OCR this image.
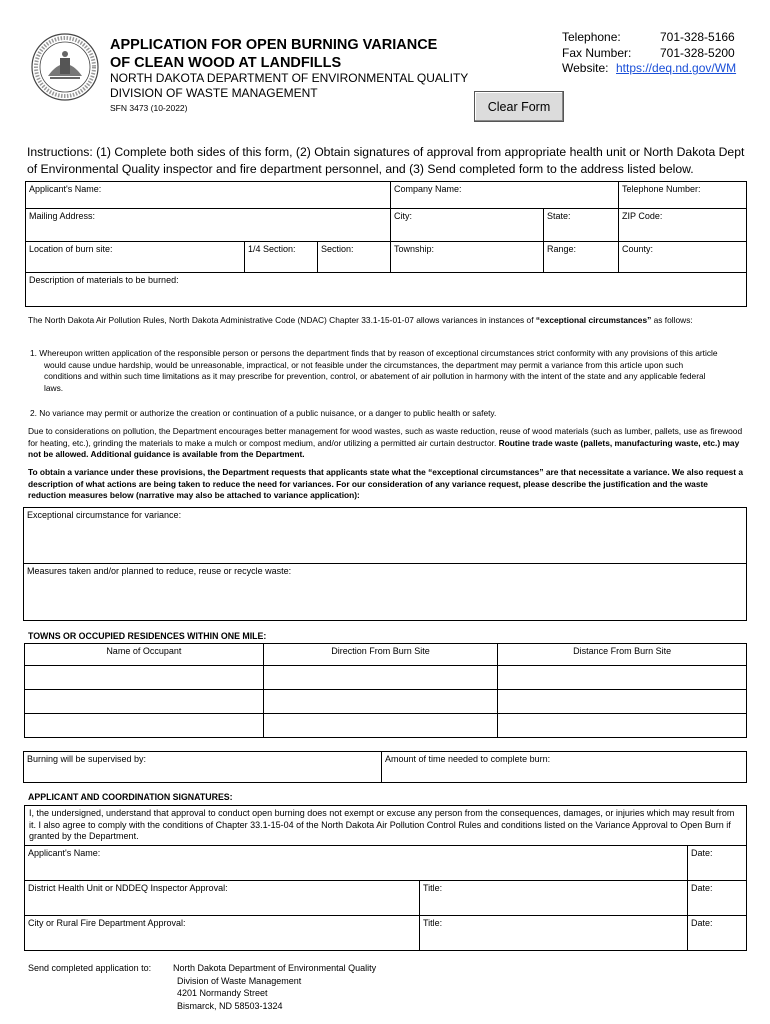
APPLICATION FOR OPEN BURNING VARIANCE
OF CLEAN WOOD AT LANDFILLS
NORTH DAKOTA DEPARTMENT OF ENVIRONMENTAL QUALITY
DIVISION OF WASTE MANAGEMENT
SFN 3473 (10-2022)	Clear Form
Telephone:	701-328-5166
Fax Number:	701-328-5200
Website: https://deq.nd.gov/WM
Instructions: (1) Complete both sides of this form, (2) Obtain signatures of approval from appropriate health unit or North Dakota Dept of Environmental Quality inspector and fire department personnel, and (3) Send completed form to the address listed below.
Applicant's Name:			Company Name:		Telephone Number:
Mailing Address:			City:	State:	ZIP Code:
Location of burn site:	1/4 Section:	Section:	Township:	Range:	County:
Description of materials to be burned:					
The North Dakota Air Pollution Rules, North Dakota Administrative Code (NDAC) Chapter 33.1-15-01-07 allows variances in instances of “exceptional circumstances” as follows:
1. Whereupon written application of the responsible person or persons the department finds that by reason of exceptional circumstances strict conformity with any provisions of this article would cause undue hardship, would be unreasonable, impractical, or not feasible under the circumstances, the department may permit a variance from this article upon such conditions and within such time limitations as it may prescribe for prevention, control, or abatement of air pollution in harmony with the intent of the state and any applicable federal laws.
2. No variance may permit or authorize the creation or continuation of a public nuisance, or a danger to public health or safety.
Due to considerations on pollution, the Department encourages better management for wood wastes, such as waste reduction, reuse of wood materials (such as lumber, pallets, use as firewood for heating, etc.), grinding the materials to make a mulch or compost medium, and/or utilizing a permitted air curtain destructor. Routine trade waste (pallets, manufacturing waste, etc.) may not be allowed. Additional guidance is available from the Department.
To obtain a variance under these provisions, the Department requests that applicants state what the “exceptional circumstances” are that necessitate a variance. We also request a description of what actions are being taken to reduce the need for variances. For our consideration of any variance request, please describe the justification and the waste reduction measures below (narrative may also be attached to variance application):
Exceptional circumstance for variance:
Measures taken and/or planned to reduce, reuse or recycle waste:
TOWNS OR OCCUPIED RESIDENCES WITHIN ONE MILE:
Name of Occupant	Direction From Burn Site	Distance From Burn Site

Burning will be supervised by:	Amount of time needed to complete burn:
APPLICANT AND COORDINATION SIGNATURES:
I, the undersigned, understand that approval to conduct open burning does not exempt or excuse any person from the consequences, damages, or injuries which may result from it. I also agree to comply with the conditions of Chapter 33.1-15-04 of the North Dakota Air Pollution Control Rules and conditions listed on the Variance Approval to Open Burn if granted by the Department.		
Applicant's Name:		Date:
District Health Unit or NDDEQ Inspector Approval:	Title:	Date:
City or Rural Fire Department Approval:	Title:	Date:
Send completed application to:	North Dakota Department of Environmental Quality
Division of Waste Management
4201 Normandy Street
Bismarck, ND 58503-1324
